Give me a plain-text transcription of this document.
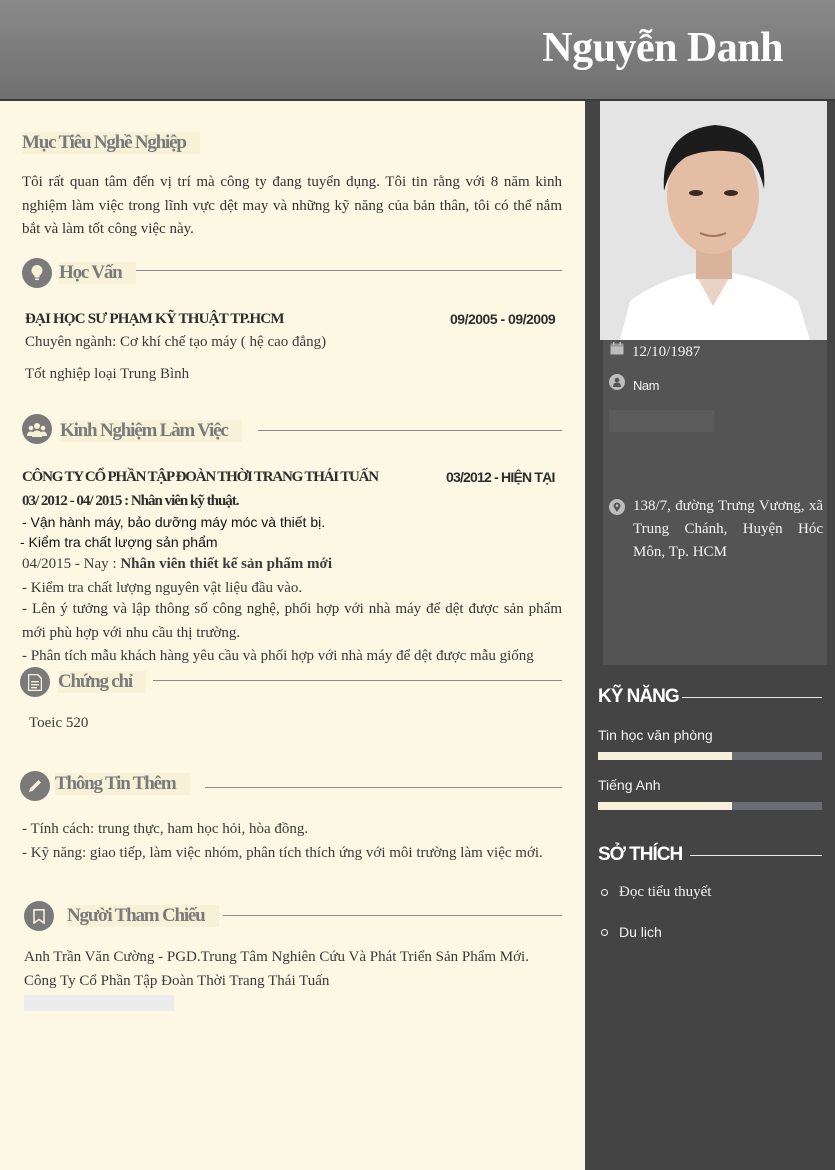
Nguyễn Danh
12/10/1987
Nam
138/7, đường Trưng Vương, xã Trung Chánh, Huyện Hóc Môn, Tp. HCM
KỸ NĂNG
Tin học văn phòng
Tiếng Anh
SỞ THÍCH
Đọc tiểu thuyết
Du lịch
Mục Tiêu Nghề Nghiệp
Tôi rất quan tâm đến vị trí mà công ty đang tuyển dụng. Tôi tin rằng với 8 năm kinh nghiệm làm việc trong lĩnh vực dệt may và những kỹ năng của bản thân, tôi có thể nắm bắt và làm tốt công việc này.
Học Vấn
ĐẠI HỌC SƯ PHẠM KỸ THUẬT TP.HCM	09/2005 - 09/2009
Chuyên ngành: Cơ khí chế tạo máy ( hệ cao đẳng)
Tốt nghiệp loại Trung Bình
Kinh Nghiệm Làm Việc
CÔNG TY CỔ PHẦN TẬP ĐOÀN THỜI TRANG THÁI TUẤN	03/2012 - HIỆN TẠI
03/ 2012 - 04/ 2015 : Nhân viên kỹ thuật.
- Vận hành máy, bảo dưỡng máy móc và thiết bị.
- Kiểm tra chất lượng sản phẩm
04/2015 - Nay : Nhân viên thiết kế sản phẩm mới
- Kiểm tra chất lượng nguyên vật liệu đầu vào.
- Lên ý tưởng và lập thông số công nghệ, phối hợp với nhà máy để dệt được sản phẩm mới phù hợp với nhu cầu thị trường.
- Phân tích mẫu khách hàng yêu cầu và phối hợp với nhà máy để dệt được mẫu giống
Chứng chỉ
Toeic 520
Thông Tin Thêm
- Tính cách: trung thực, ham học hỏi, hòa đồng.
- Kỹ năng: giao tiếp, làm việc nhóm, phân tích thích ứng với môi trường làm việc mới.
Người Tham Chiếu
Anh Trần Văn Cường - PGD.Trung Tâm Nghiên Cứu Và Phát Triển Sản Phẩm Mới.
Công Ty Cổ Phần Tập Đoàn Thời Trang Thái Tuấn
